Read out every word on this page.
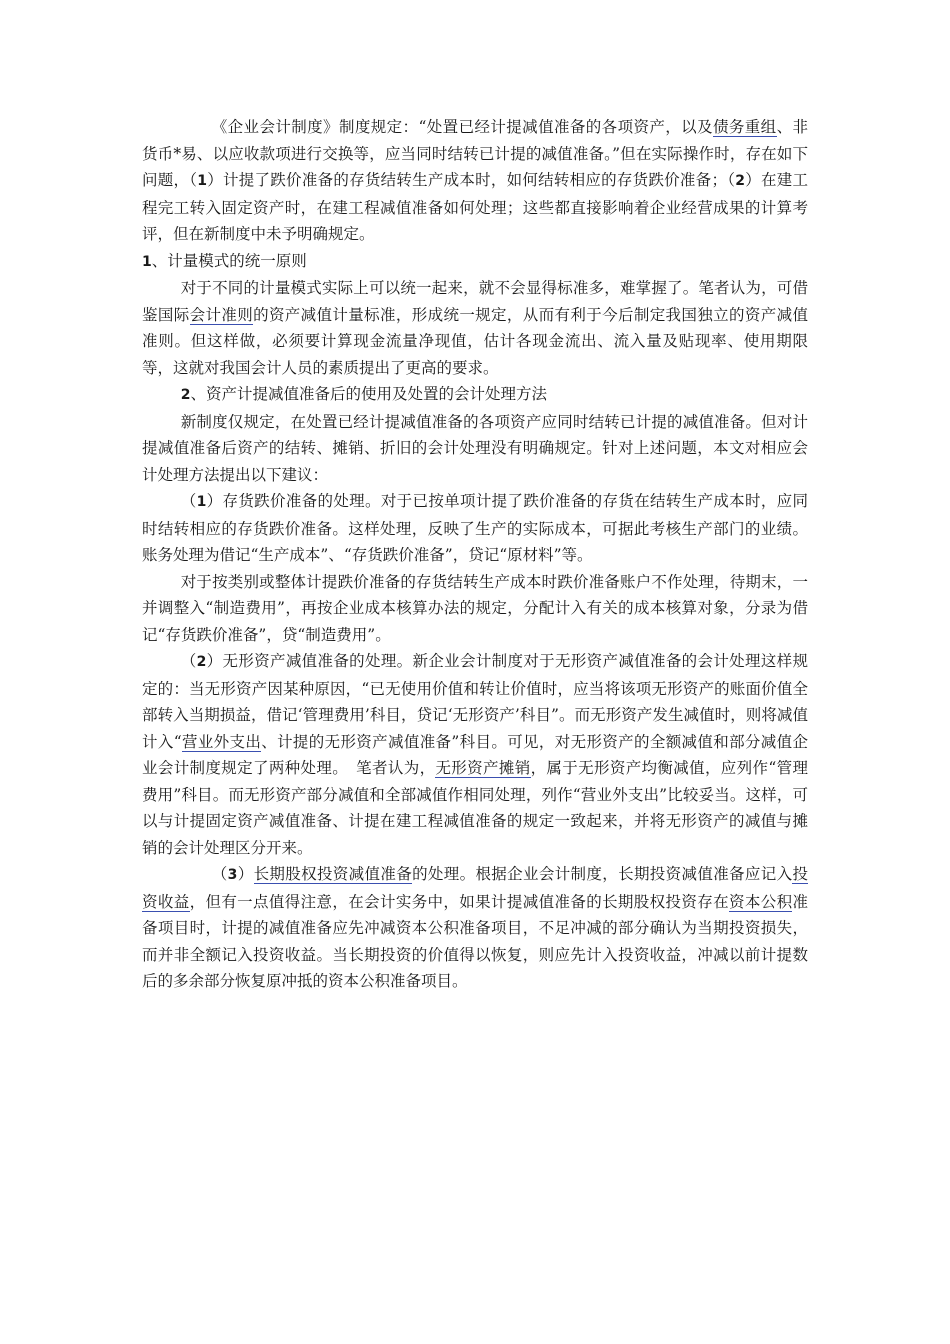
《企业会计制度》制度规定：“处置已经计提减值准备的各项资产，以及债务重组、非货币*易、以应收款项进行交换等，应当同时结转已计提的减值准备。”但在实际操作时，存在如下问题，（1）计提了跌价准备的存货结转生产成本时，如何结转相应的存货跌价准备；（2）在建工程完工转入固定资产时，在建工程减值准备如何处理；这些都直接影响着企业经营成果的计算考评，但在新制度中未予明确规定。

1、计量模式的统一原则

对于不同的计量模式实际上可以统一起来，就不会显得标准多，难掌握了。笔者认为，可借鉴国际会计准则的资产减值计量标准，形成统一规定，从而有利于今后制定我国独立的资产减值准则。但这样做，必须要计算现金流量净现值，估计各现金流出、流入量及贴现率、使用期限等，这就对我国会计人员的素质提出了更高的要求。

2、资产计提减值准备后的使用及处置的会计处理方法

新制度仅规定，在处置已经计提减值准备的各项资产应同时结转已计提的减值准备。但对计提减值准备后资产的结转、摊销、折旧的会计处理没有明确规定。针对上述问题，本文对相应会计处理方法提出以下建议：

（1）存货跌价准备的处理。对于已按单项计提了跌价准备的存货在结转生产成本时，应同时结转相应的存货跌价准备。这样处理，反映了生产的实际成本，可据此考核生产部门的业绩。账务处理为借记“生产成本”、“存货跌价准备”，贷记“原材料”等。

对于按类别或整体计提跌价准备的存货结转生产成本时跌价准备账户不作处理，待期末，一并调整入“制造费用”，再按企业成本核算办法的规定，分配计入有关的成本核算对象，分录为借记“存货跌价准备”，贷“制造费用”。

（2）无形资产减值准备的处理。新企业会计制度对于无形资产减值准备的会计处理这样规定的：当无形资产因某种原因，“已无使用价值和转让价值时，应当将该项无形资产的账面价值全部转入当期损益，借记‘管理费用’科目，贷记‘无形资产’科目”。而无形资产发生减值时，则将减值计入“营业外支出、计提的无形资产减值准备”科目。可见，对无形资产的全额减值和部分减值企业会计制度规定了两种处理。　笔者认为，无形资产摊销，属于无形资产均衡减值，应列作“管理费用”科目。而无形资产部分减值和全部减值作相同处理，列作“营业外支出”比较妥当。这样，可以与计提固定资产减值准备、计提在建工程减值准备的规定一致起来，并将无形资产的减值与摊销的会计处理区分开来。

（3）长期股权投资减值准备的处理。根据企业会计制度，长期投资减值准备应记入投资收益，但有一点值得注意，在会计实务中，如果计提减值准备的长期股权投资存在资本公积准备项目时，计提的减值准备应先冲减资本公积准备项目，不足冲减的部分确认为当期投资损失，而并非全额记入投资收益。当长期投资的价值得以恢复，则应先计入投资收益，冲减以前计提数后的多余部分恢复原冲抵的资本公积准备项目。
